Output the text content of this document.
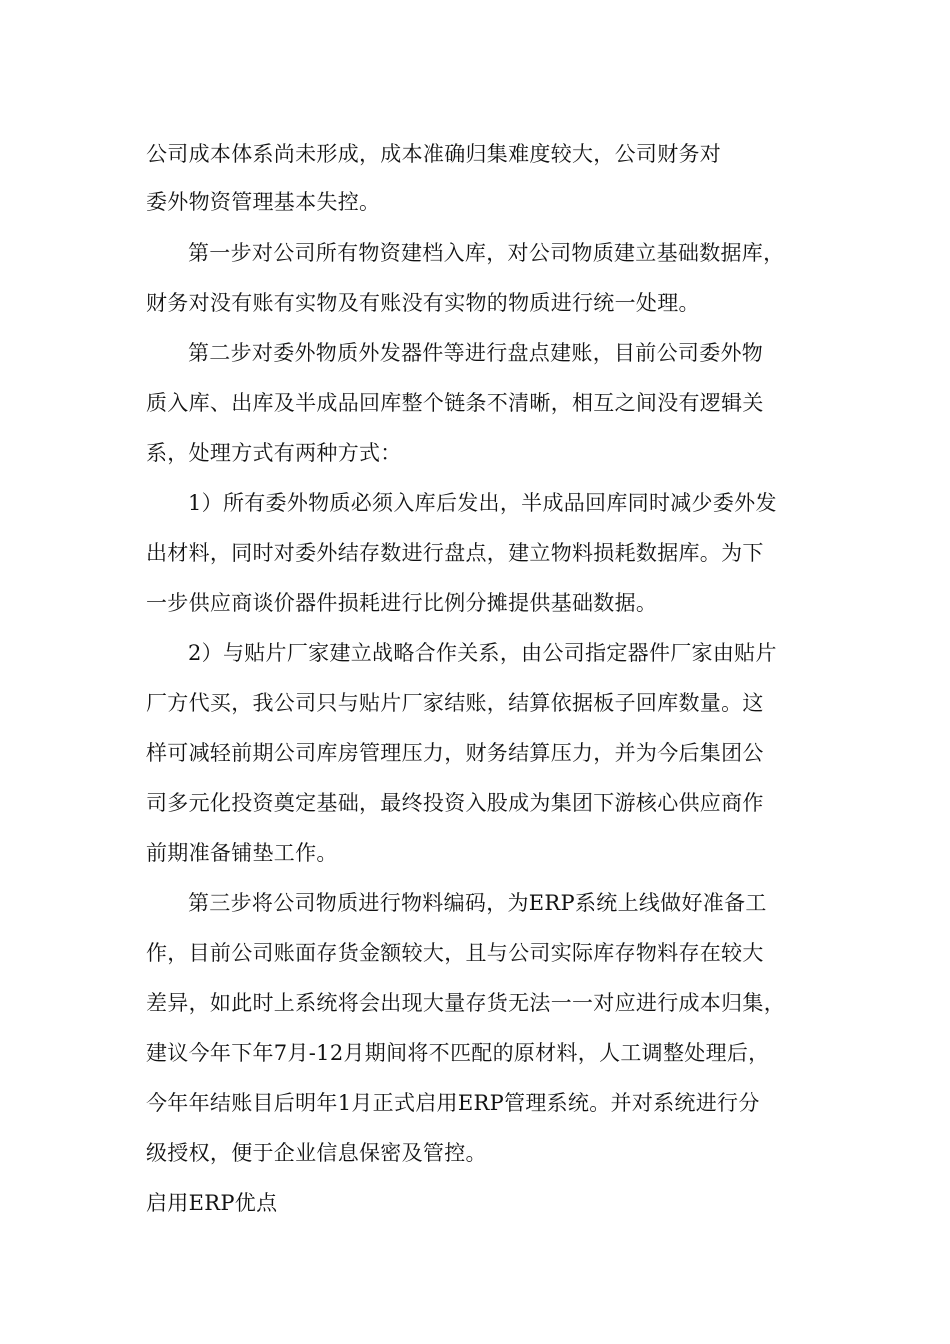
公司成本体系尚未形成，成本准确归集难度较大，公司财务对
委外物资管理基本失控。
第一步对公司所有物资建档入库，对公司物质建立基础数据库，
财务对没有账有实物及有账没有实物的物质进行统一处理。
第二步对委外物质外发器件等进行盘点建账，目前公司委外物
质入库、出库及半成品回库整个链条不清晰，相互之间没有逻辑关
系，处理方式有两种方式：
1）所有委外物质必须入库后发出，半成品回库同时减少委外发
出材料，同时对委外结存数进行盘点，建立物料损耗数据库。为下
一步供应商谈价器件损耗进行比例分摊提供基础数据。
2）与贴片厂家建立战略合作关系，由公司指定器件厂家由贴片
厂方代买，我公司只与贴片厂家结账，结算依据板子回库数量。这
样可减轻前期公司库房管理压力，财务结算压力，并为今后集团公
司多元化投资奠定基础，最终投资入股成为集团下游核心供应商作
前期准备铺垫工作。
第三步将公司物质进行物料编码，为ERP系统上线做好准备工
作，目前公司账面存货金额较大，且与公司实际库存物料存在较大
差异，如此时上系统将会出现大量存货无法一一对应进行成本归集，
建议今年下年7月-12月期间将不匹配的原材料，人工调整处理后，
今年年结账目后明年1月正式启用ERP管理系统。并对系统进行分
级授权，便于企业信息保密及管控。
启用ERP优点
